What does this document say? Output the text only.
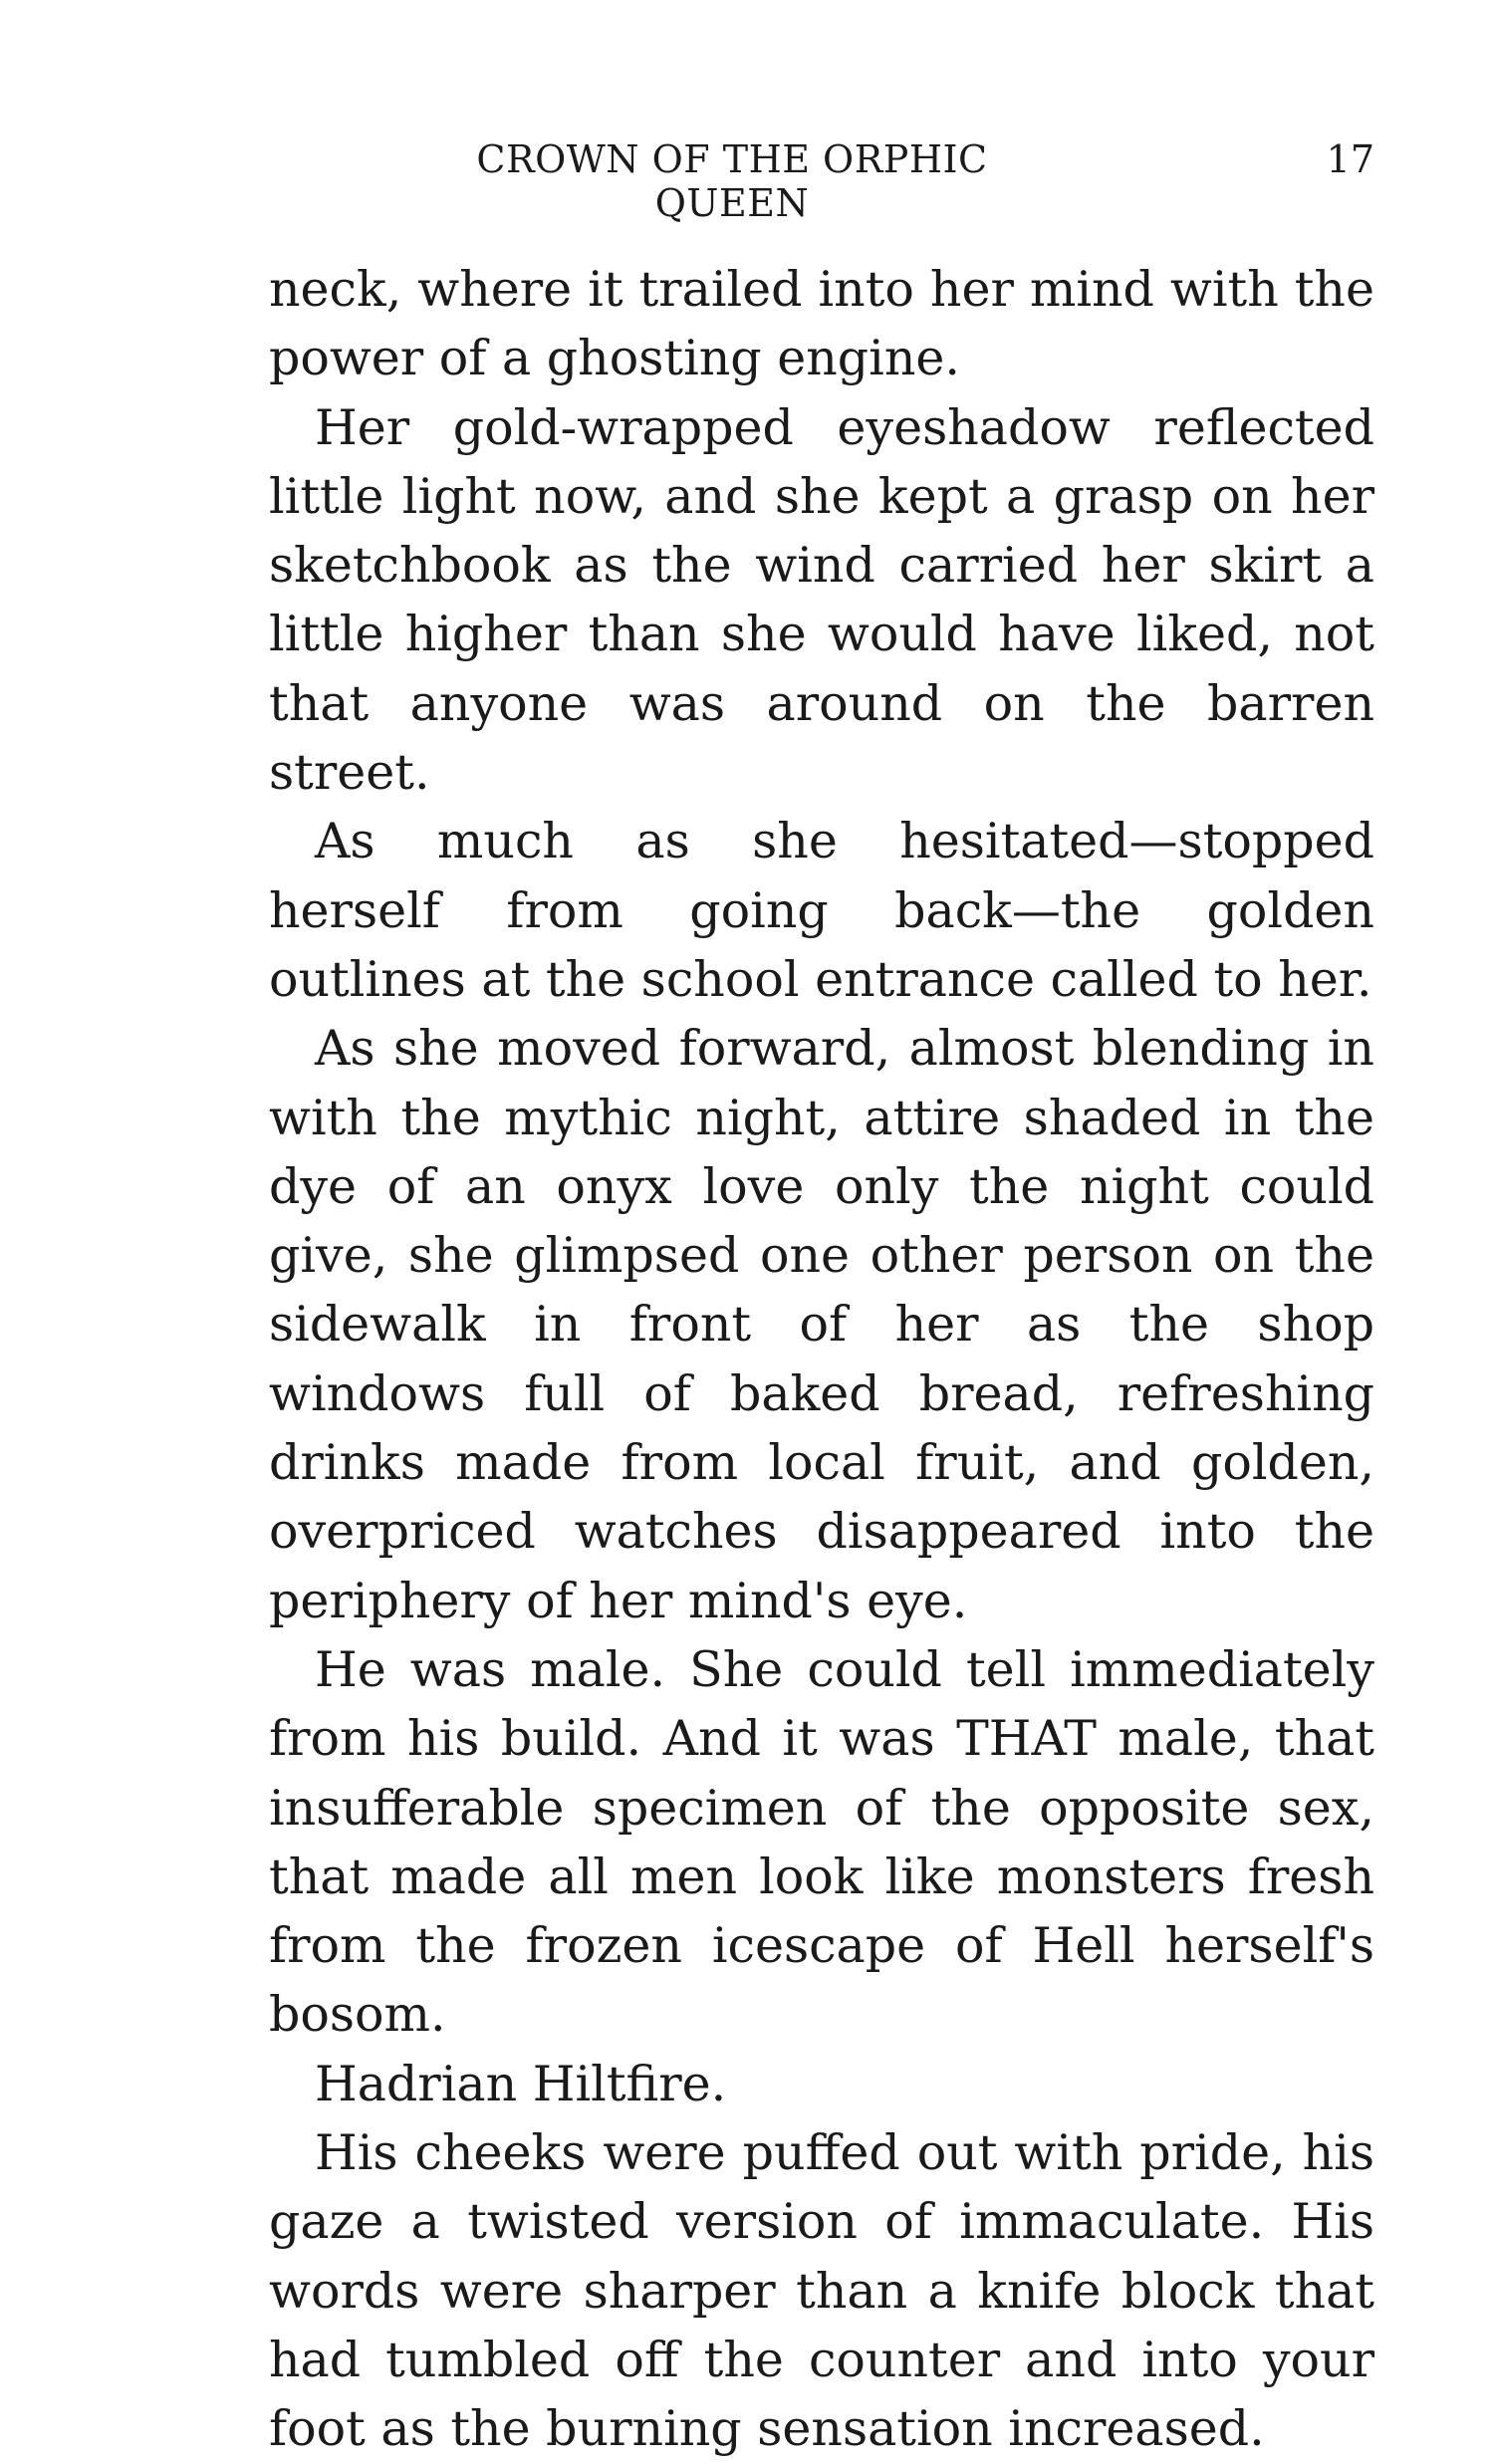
CROWN OF THE ORPHIC QUEEN
17

neck, where it trailed into her mind with the power of a ghosting engine.

Her gold-wrapped eyeshadow reflected little light now, and she kept a grasp on her sketchbook as the wind carried her skirt a little higher than she would have liked, not that anyone was around on the barren street.

As much as she hesitated—stopped herself from going back—the golden outlines at the school entrance called to her.

As she moved forward, almost blending in with the mythic night, attire shaded in the dye of an onyx love only the night could give, she glimpsed one other person on the sidewalk in front of her as the shop windows full of baked bread, refreshing drinks made from local fruit, and golden, overpriced watches disappeared into the periphery of her mind's eye.

He was male. She could tell immediately from his build. And it was THAT male, that insufferable specimen of the opposite sex, that made all men look like monsters fresh from the frozen icescape of Hell herself's bosom.

Hadrian Hiltfire.

His cheeks were puffed out with pride, his gaze a twisted version of immaculate. His words were sharper than a knife block that had tumbled off the counter and into your foot as the burning sensation increased.
